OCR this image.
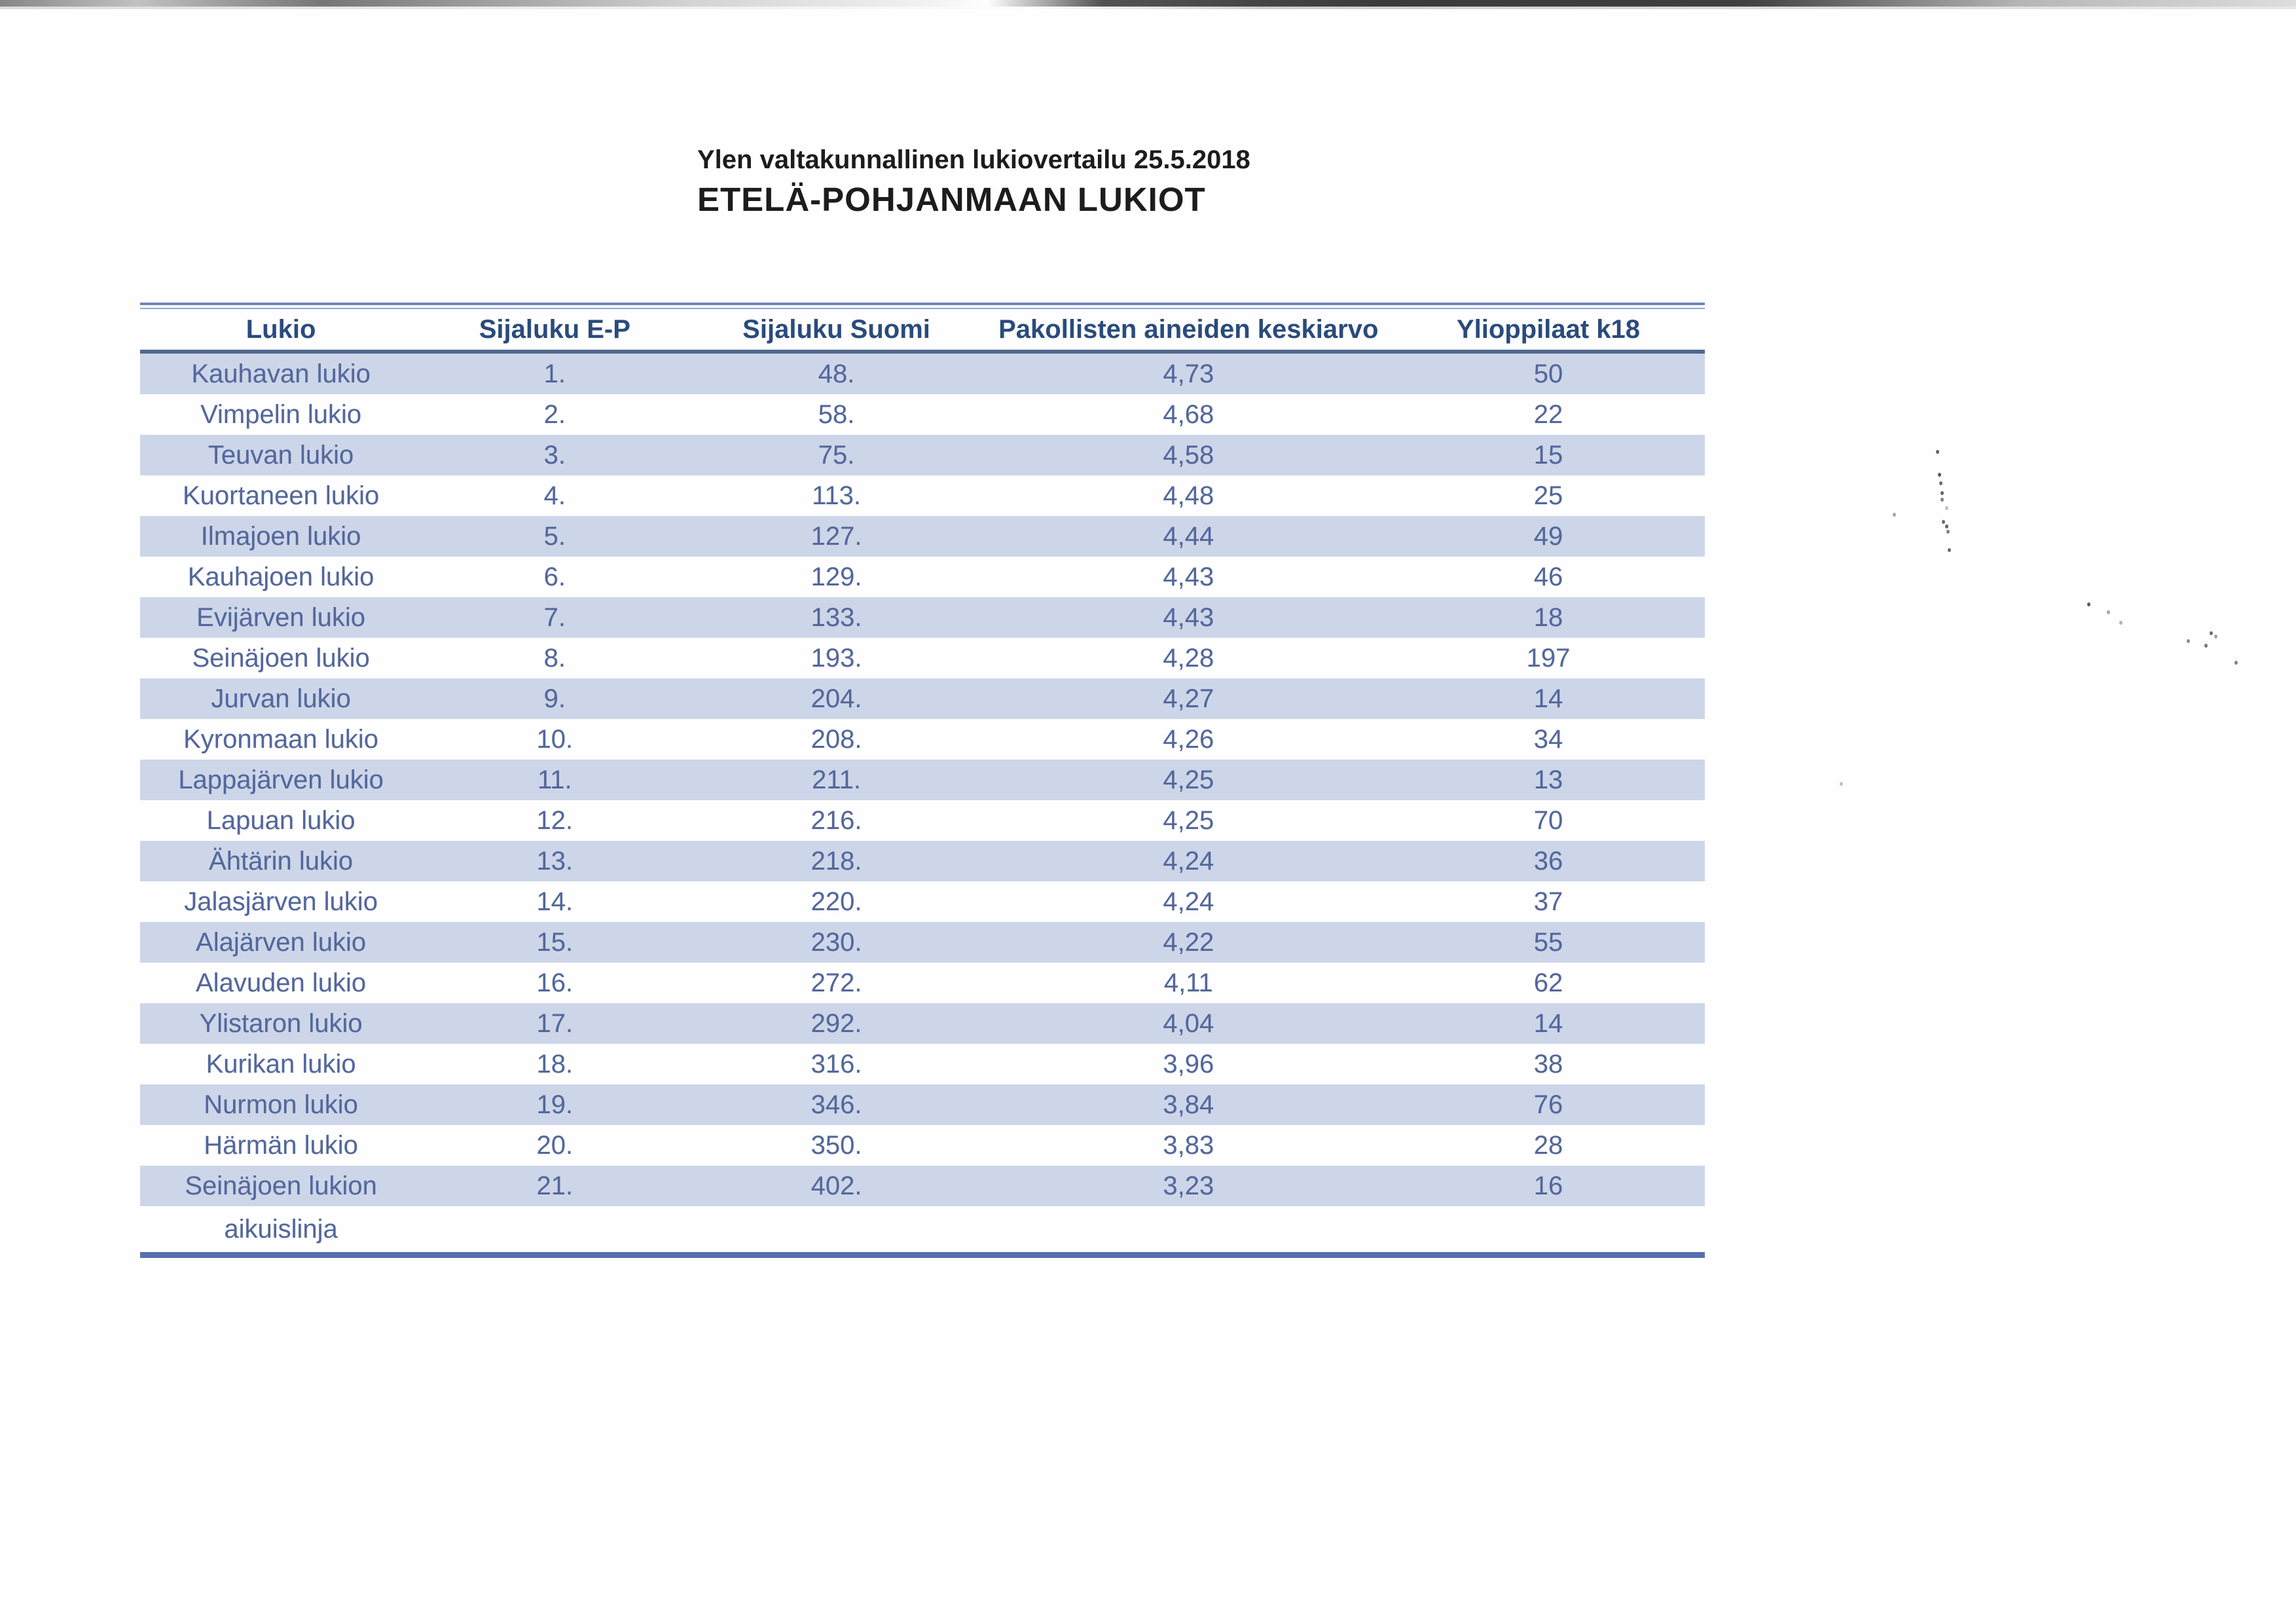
Ylen valtakunnallinen lukiovertailu 25.5.2018
ETELÄ-POHJANMAAN LUKIOT
Lukio	Sijaluku E-P	Sijaluku Suomi	Pakollisten aineiden keskiarvo	Ylioppilaat k18
Kauhavan lukio	1.	48.	4,73	50
Vimpelin lukio	2.	58.	4,68	22
Teuvan lukio	3.	75.	4,58	15
Kuortaneen lukio	4.	113.	4,48	25
Ilmajoen lukio	5.	127.	4,44	49
Kauhajoen lukio	6.	129.	4,43	46
Evijärven lukio	7.	133.	4,43	18
Seinäjoen lukio	8.	193.	4,28	197
Jurvan lukio	9.	204.	4,27	14
Kyronmaan lukio	10.	208.	4,26	34
Lappajärven lukio	11.	211.	4,25	13
Lapuan lukio	12.	216.	4,25	70
Ähtärin lukio	13.	218.	4,24	36
Jalasjärven lukio	14.	220.	4,24	37
Alajärven lukio	15.	230.	4,22	55
Alavuden lukio	16.	272.	4,11	62
Ylistaron lukio	17.	292.	4,04	14
Kurikan lukio	18.	316.	3,96	38
Nurmon lukio	19.	346.	3,84	76
Härmän lukio	20.	350.	3,83	28
Seinäjoen lukion	21.	402.	3,23	16
aikuislinja
